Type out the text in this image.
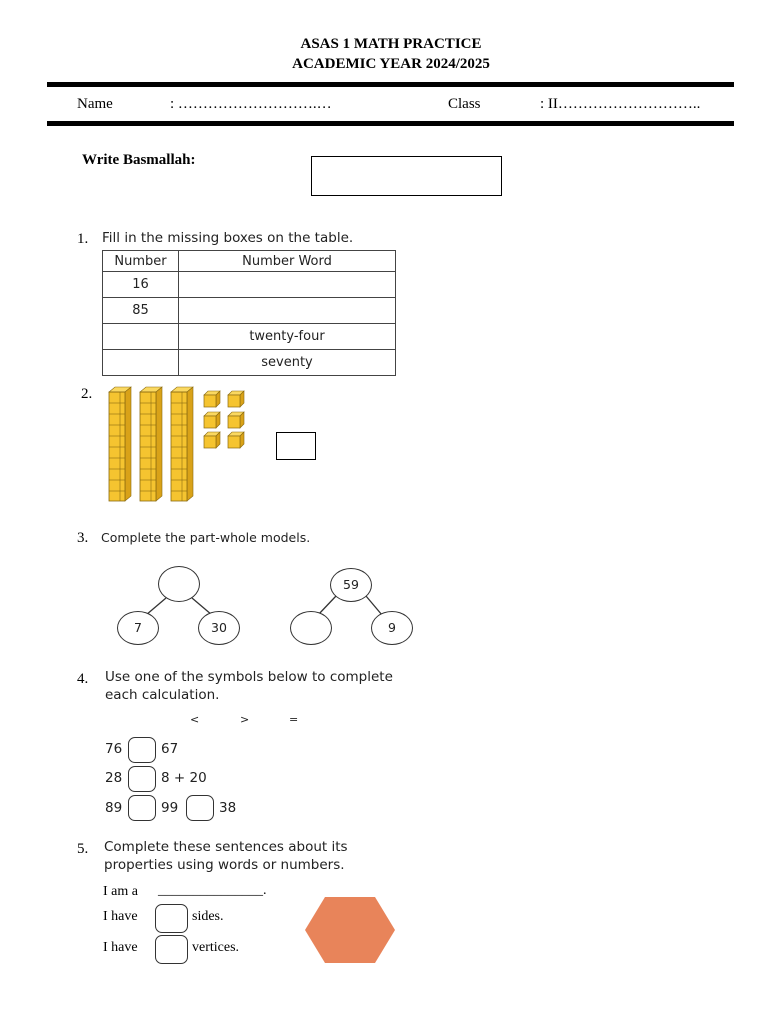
ASAS 1 MATH PRACTICE
ACADEMIC YEAR 2024/2025
Name	: ……………………….…	Class	: II………………………..
Write Basmallah:
1. Fill in the missing boxes on the table.
Number	Number Word
16	
85	
	twenty-four
	seventy
2.
3. Complete the part-whole models.
7	30
59
9
4. Use one of the symbols below to complete
each calculation.
<	>	=
76	67
28	8 + 20
89	99	38
5. Complete these sentences about its
properties using words or numbers.
I am a _______________.
I have	sides.
I have	vertices.
